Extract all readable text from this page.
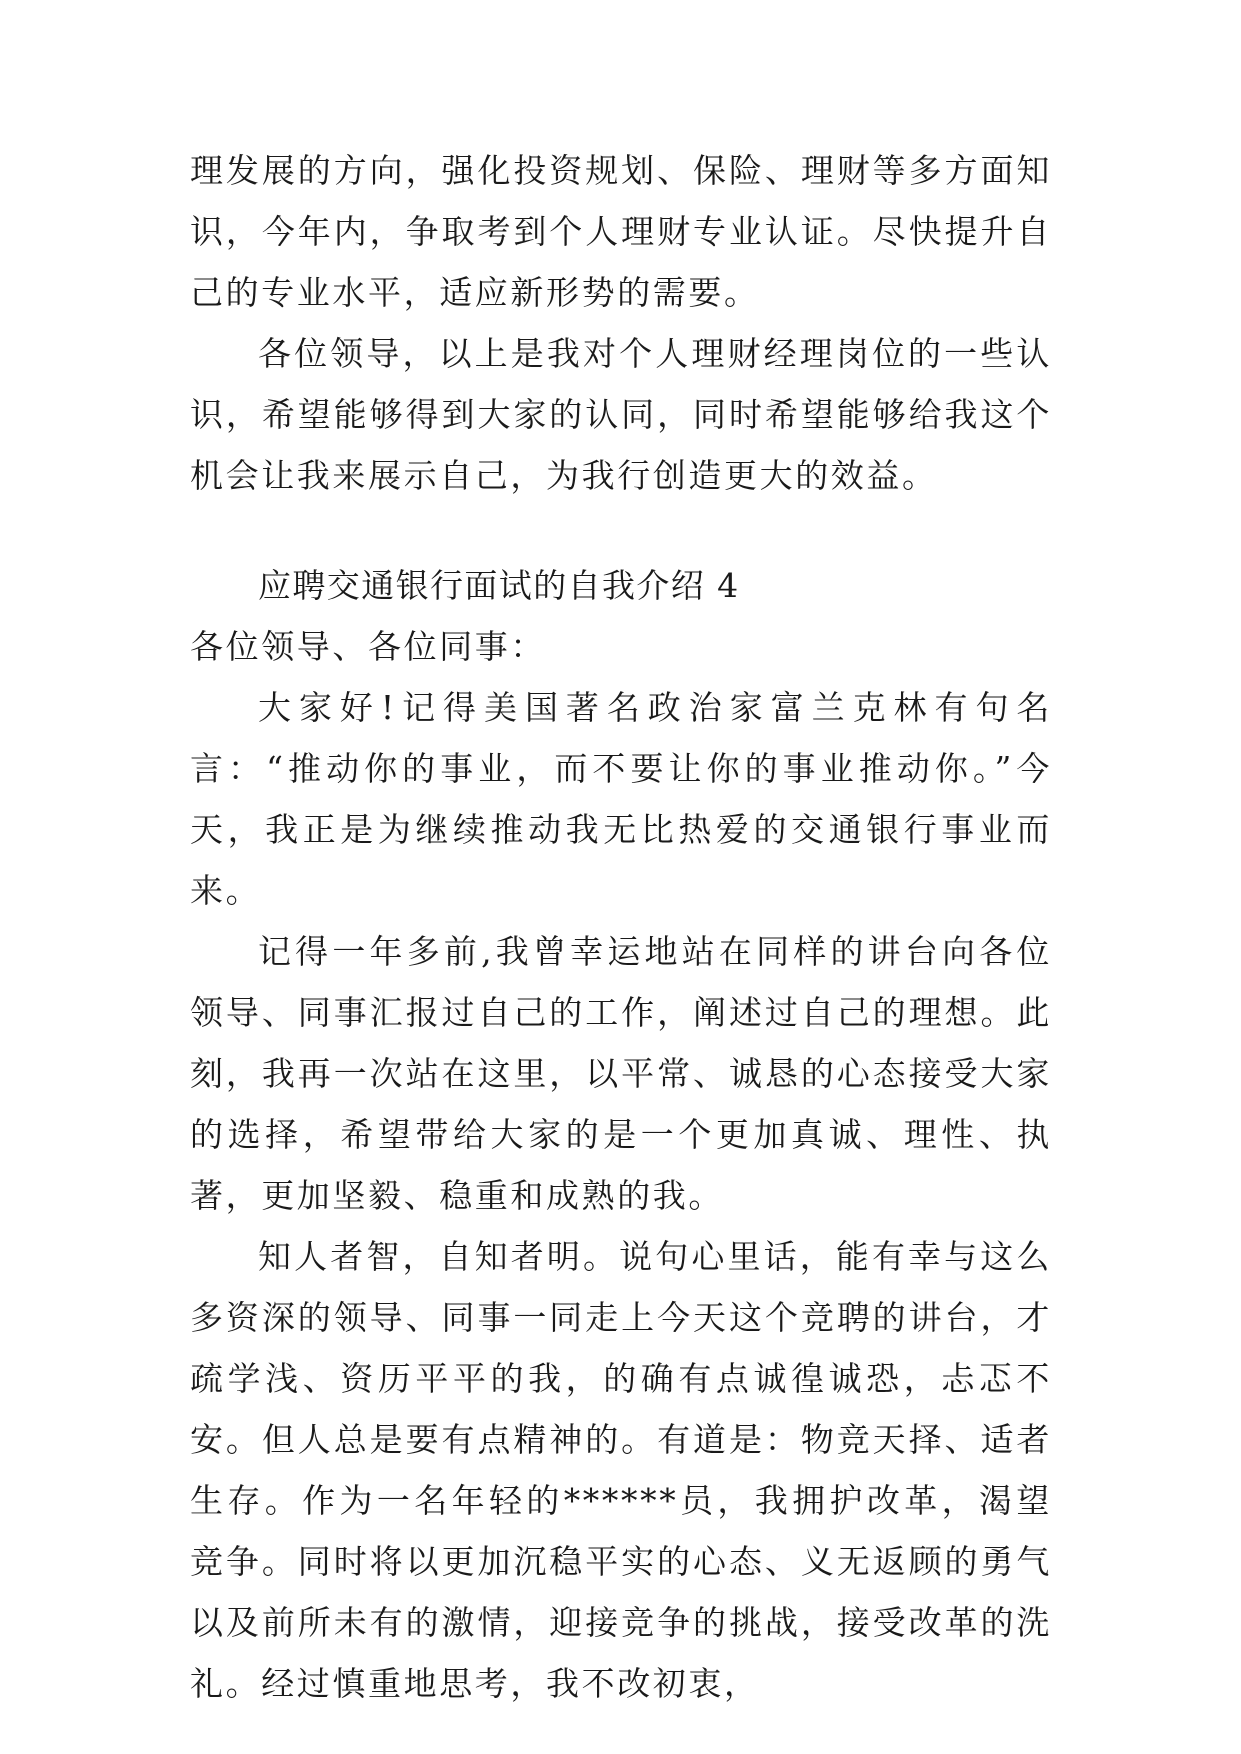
理发展的方向，强化投资规划、保险、理财等多方面知识，今年内，争取考到个人理财专业认证。尽快提升自己的专业水平，适应新形势的需要。

各位领导，以上是我对个人理财经理岗位的一些认识，希望能够得到大家的认同，同时希望能够给我这个机会让我来展示自己，为我行创造更大的效益。

应聘交通银行面试的自我介绍 4

各位领导、各位同事：

大家好!记得美国著名政治家富兰克林有句名言：“推动你的事业，而不要让你的事业推动你。”今天，我正是为继续推动我无比热爱的交通银行事业而来。

记得一年多前,我曾幸运地站在同样的讲台向各位领导、同事汇报过自己的工作，阐述过自己的理想。此刻，我再一次站在这里，以平常、诚恳的心态接受大家的选择，希望带给大家的是一个更加真诚、理性、执著，更加坚毅、稳重和成熟的我。

知人者智，自知者明。说句心里话，能有幸与这么多资深的领导、同事一同走上今天这个竞聘的讲台，才疏学浅、资历平平的我，的确有点诚徨诚恐，忐忑不安。但人总是要有点精神的。有道是：物竞天择、适者生存。作为一名年轻的******员，我拥护改革，渴望竞争。同时将以更加沉稳平实的心态、义无返顾的勇气以及前所未有的激情，迎接竞争的挑战，接受改革的洗礼。经过慎重地思考，我不改初衷，
